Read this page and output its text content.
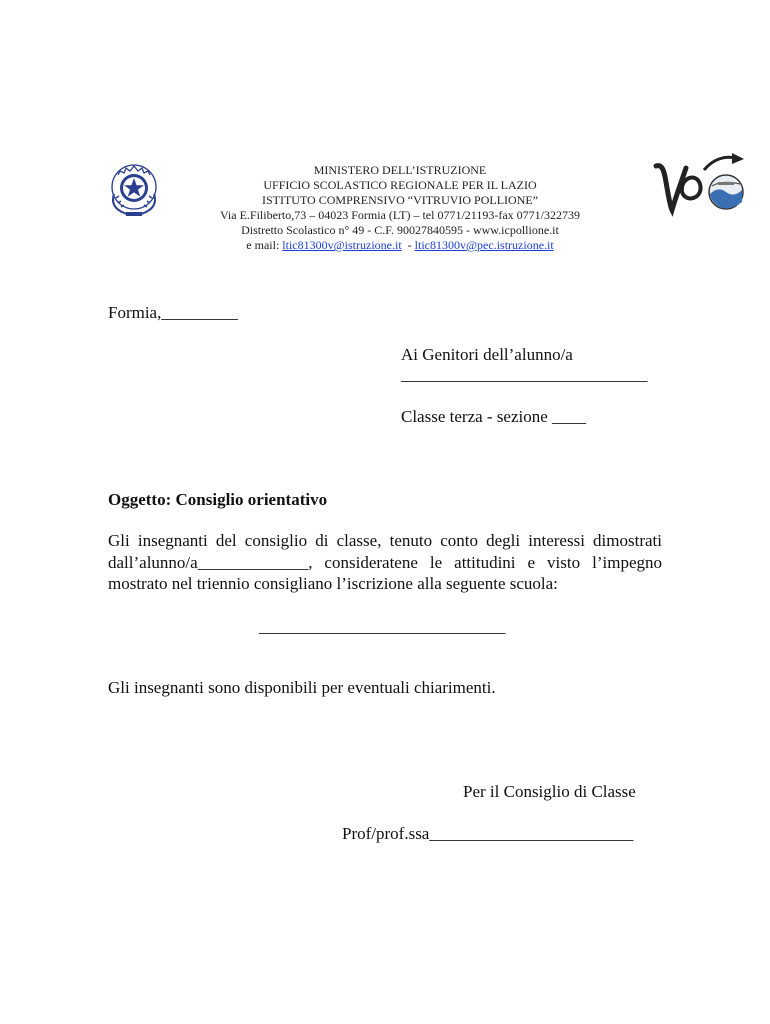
MINISTERO DELL’ISTRUZIONE
UFFICIO SCOLASTICO REGIONALE PER IL LAZIO
ISTITUTO COMPRENSIVO “VITRUVIO POLLIONE”
Via E.Filiberto,73 – 04023 Formia (LT) – tel 0771/21193-fax 0771/322739
Distretto Scolastico n° 49 - C.F. 90027840595 - www.icpollione.it
e mail: ltic81300v@istruzione.it  - ltic81300v@pec.istruzione.it
Formia,_________
Ai Genitori dell’alunno/a
_____________________________
Classe terza - sezione ____
Oggetto: Consiglio orientativo
Gli insegnanti del consiglio di classe, tenuto conto degli interessi dimostrati dall’alunno/a_____________, consideratene le attitudini e visto l’impegno mostrato nel triennio consigliano l’iscrizione alla seguente scuola:
_____________________________
Gli insegnanti sono disponibili per eventuali chiarimenti.
Per il Consiglio di Classe
Prof/prof.ssa________________________
